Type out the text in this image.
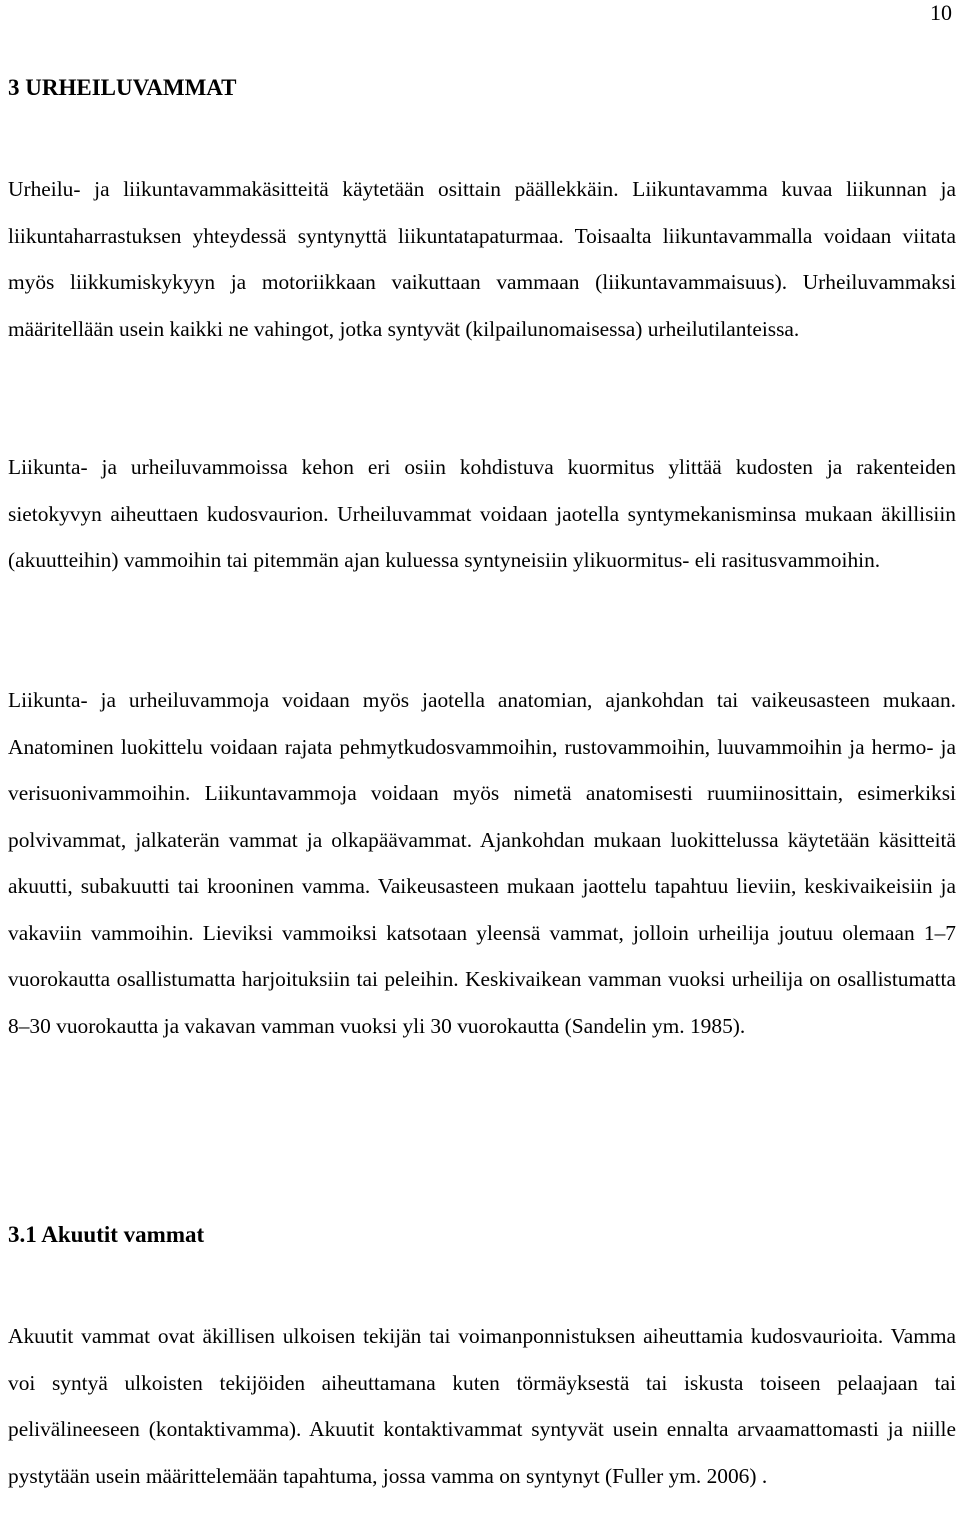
10
3 URHEILUVAMMAT

Urheilu- ja liikuntavammakäsitteitä käytetään osittain päällekkäin. Liikuntavamma kuvaa liikunnan ja liikuntaharrastuksen yhteydessä syntynyttä liikuntatapaturmaa. Toisaalta liikuntavammalla voidaan viitata myös liikkumiskykyyn ja motoriikkaan vaikuttaan vammaan (liikuntavammaisuus). Urheiluvammaksi määritellään usein kaikki ne vahingot, jotka syntyvät (kilpailunomaisessa) urheilutilanteissa.

Liikunta- ja urheiluvammoissa kehon eri osiin kohdistuva kuormitus ylittää kudosten ja rakenteiden sietokyvyn aiheuttaen kudosvaurion. Urheiluvammat voidaan jaotella syntymekanisminsa mukaan äkillisiin (akuutteihin) vammoihin tai pitemmän ajan kuluessa syntyneisiin ylikuormitus- eli rasitusvammoihin.

Liikunta- ja urheiluvammoja voidaan myös jaotella anatomian, ajankohdan tai vaikeusasteen mukaan. Anatominen luokittelu voidaan rajata pehmytkudosvammoihin, rustovammoihin, luuvammoihin ja hermo- ja verisuonivammoihin. Liikuntavammoja voidaan myös nimetä anatomisesti ruumiinosittain, esimerkiksi polvivammat, jalkaterän vammat ja olkapäävammat. Ajankohdan mukaan luokittelussa käytetään käsitteitä akuutti, subakuutti tai krooninen vamma. Vaikeusasteen mukaan jaottelu tapahtuu lieviin, keskivaikeisiin ja vakaviin vammoihin. Lieviksi vammoiksi katsotaan yleensä vammat, jolloin urheilija joutuu olemaan 1–7 vuorokautta osallistumatta harjoituksiin tai peleihin. Keskivaikean vamman vuoksi urheilija on osallistumatta 8–30 vuorokautta ja vakavan vamman vuoksi yli 30 vuorokautta (Sandelin ym. 1985).

3.1 Akuutit vammat

Akuutit vammat ovat äkillisen ulkoisen tekijän tai voimanponnistuksen aiheuttamia kudosvaurioita. Vamma voi syntyä ulkoisten tekijöiden aiheuttamana kuten törmäyksestä tai iskusta toiseen pelaajaan tai pelivälineeseen (kontaktivamma). Akuutit kontaktivammat syntyvät usein ennalta arvaamattomasti ja niille pystytään usein määrittelemään tapahtuma, jossa vamma on syntynyt (Fuller ym. 2006) .
